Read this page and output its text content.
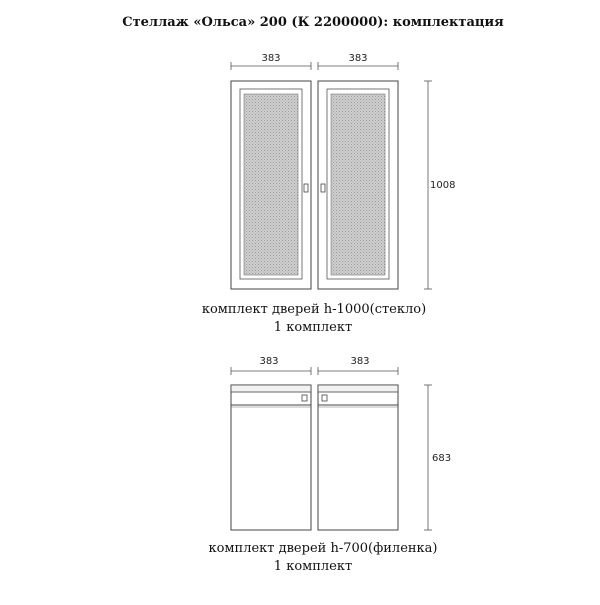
Стеллаж «Ольса» 200 (К 2200000): комплектация
383	383
1008
комплект дверей h-1000(стекло)
1 комплект
383	383
683
комплект дверей h-700(филенка)
1 комплект
